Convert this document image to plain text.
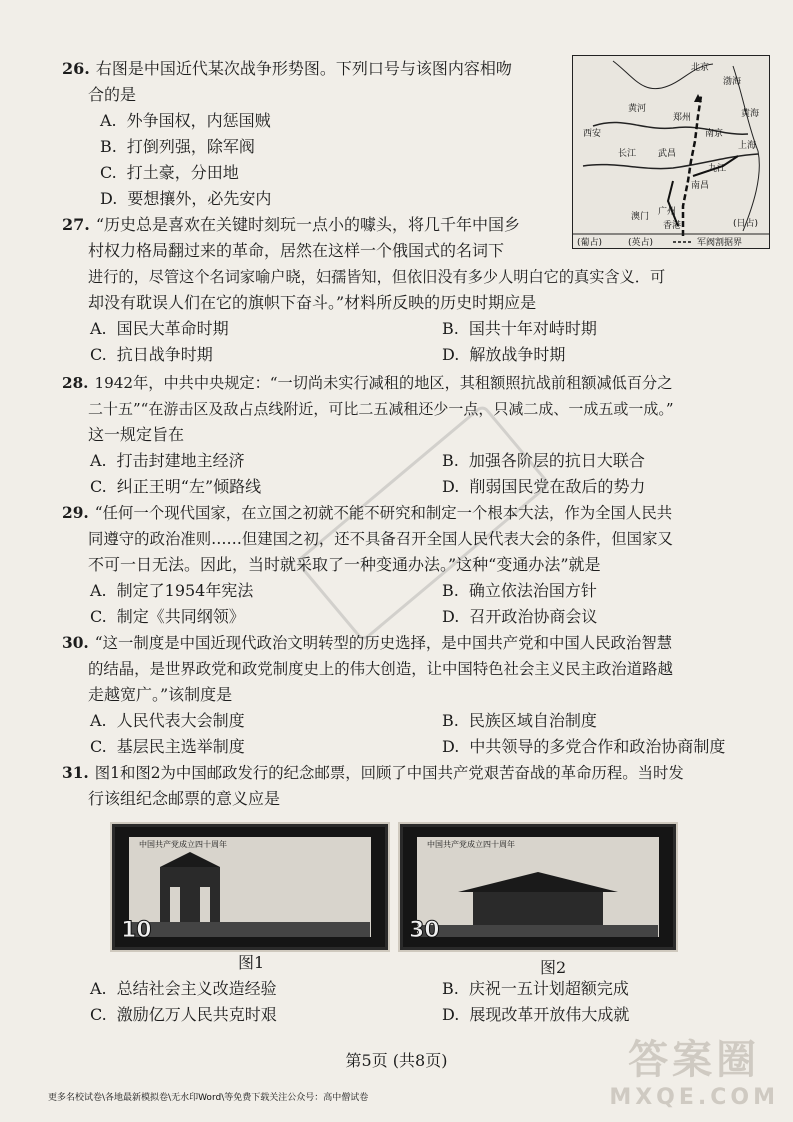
26. 右图是中国近代某次战争形势图。下列口号与该图内容相吻

合的是

A. 外争国权，内惩国贼
B. 打倒列强，除军阀
C. 打土豪，分田地
D. 要想攘外，必先安内
北京
渤海
黄河
郑州	黄海
西安	南京
上海
长江 武昌
九江
南昌
澳门 广州
香港	(日占)
(葡占)	(英占)	军阀割据界

27. “历史总是喜欢在关键时刻玩一点小的噱头，将几千年中国乡

村权力格局翻过来的革命，居然在这样一个俄国式的名词下

进行的，尽管这个名词家喻户晓，妇孺皆知，但依旧没有多少人明白它的真实含义．可

却没有耽误人们在它的旗帜下奋斗。”材料所反映的历史时期应是

A. 国民大革命时期	B. 国共十年对峙时期
C. 抗日战争时期	D. 解放战争时期

28. 1942年，中共中央规定：“一切尚未实行减租的地区，其租额照抗战前租额减低百分之

二十五”“在游击区及敌占点线附近，可比二五减租还少一点，只减二成、一成五或一成。”

这一规定旨在

A. 打击封建地主经济	B. 加强各阶层的抗日大联合
C. 纠正王明“左”倾路线	D. 削弱国民党在敌后的势力

29. “任何一个现代国家，在立国之初就不能不研究和制定一个根本大法，作为全国人民共

同遵守的政治准则……但建国之初，还不具备召开全国人民代表大会的条件，但国家又

不可一日无法。因此，当时就采取了一种变通办法。”这种“变通办法”就是

A. 制定了1954年宪法	B. 确立依法治国方针
C. 制定《共同纲领》	D. 召开政治协商会议

30. “这一制度是中国近现代政治文明转型的历史选择，是中国共产党和中国人民政治智慧

的结晶，是世界政党和政党制度史上的伟大创造，让中国特色社会主义民主政治道路越

走越宽广。”该制度是

A. 人民代表大会制度	B. 民族区域自治制度
C. 基层民主选举制度	D. 中共领导的多党合作和政治协商制度

31. 图1和图2为中国邮政发行的纪念邮票，回顾了中国共产党艰苦奋战的革命历程。当时发

行该组纪念邮票的意义应是

中国共产党成立四十周年
10
中国共产党成立四十周年
30
图1	图2
A. 总结社会主义改造经验	B. 庆祝一五计划超额完成
C. 激励亿万人民共克时艰	D. 展现改革开放伟大成就
第5页 (共8页)	答案圈
MXQE.COM
更多名校试卷\各地最新模拟卷\无水印Word\等免费下载关注公众号：高中僧试卷
